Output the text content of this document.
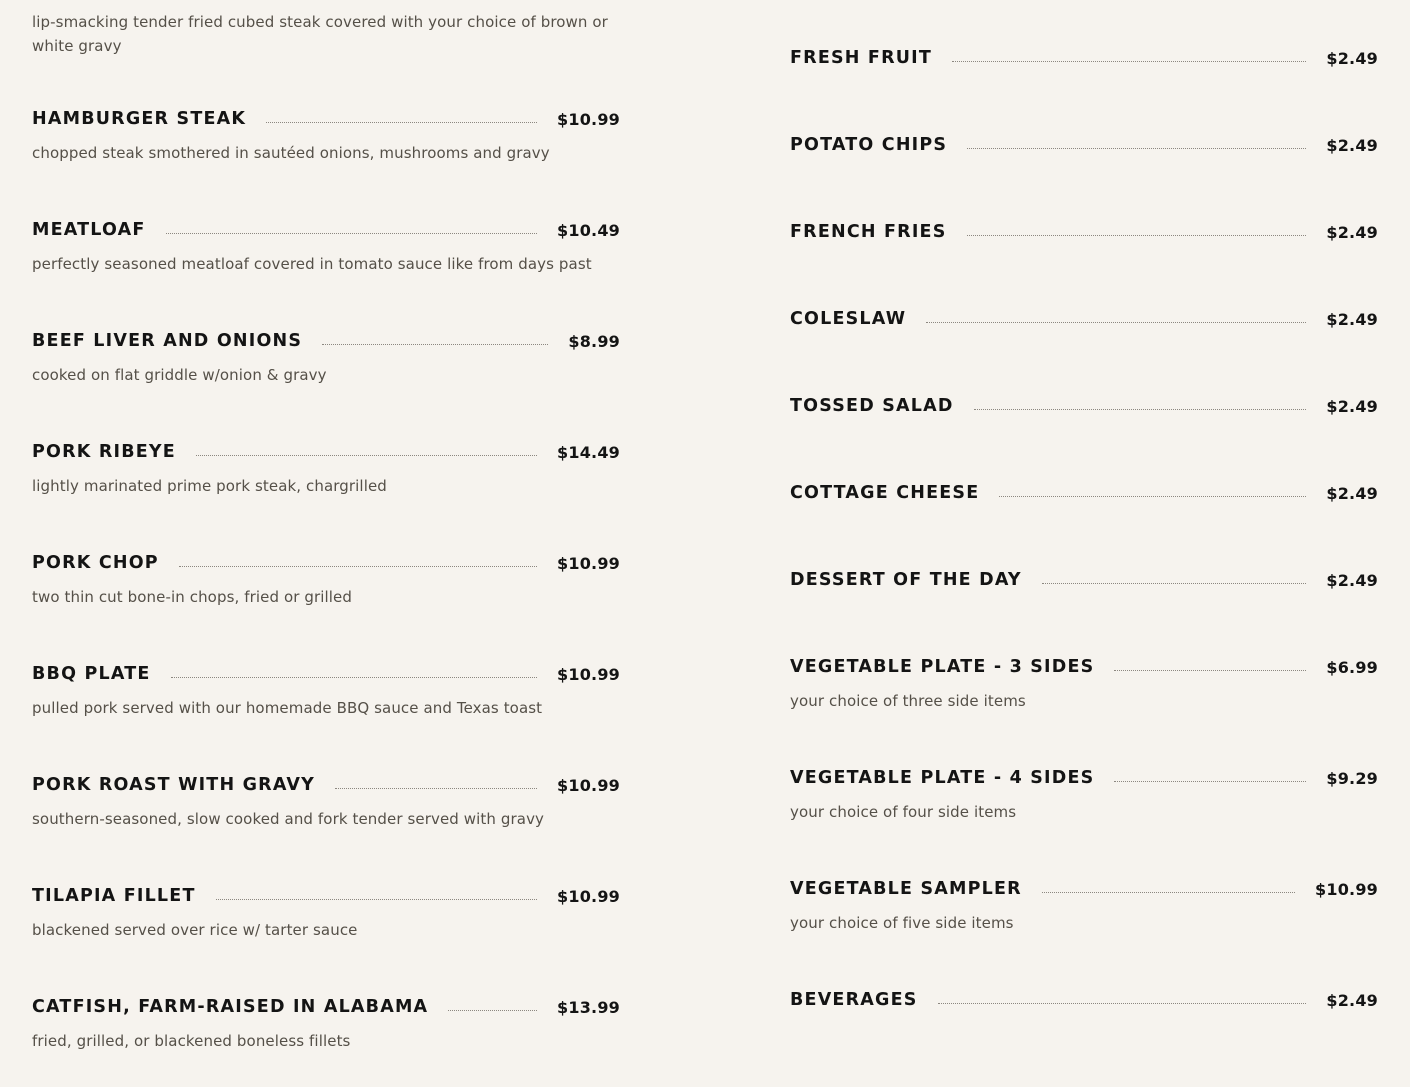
lip-smacking tender fried cubed steak covered with your choice of brown or white gravy
HAMBURGER STEAK	$10.99
chopped steak smothered in sautéed onions, mushrooms and gravy
MEATLOAF	$10.49
perfectly seasoned meatloaf covered in tomato sauce like from days past
BEEF LIVER AND ONIONS	$8.99
cooked on flat griddle w/onion & gravy
PORK RIBEYE	$14.49
lightly marinated prime pork steak, chargrilled
PORK CHOP	$10.99
two thin cut bone-in chops, fried or grilled
BBQ PLATE	$10.99
pulled pork served with our homemade BBQ sauce and Texas toast
PORK ROAST WITH GRAVY	$10.99
southern-seasoned, slow cooked and fork tender served with gravy
TILAPIA FILLET	$10.99
blackened served over rice w/ tarter sauce
CATFISH, FARM-RAISED IN ALABAMA	$13.99
fried, grilled, or blackened boneless fillets
FRESH FRUIT	$2.49
POTATO CHIPS	$2.49
FRENCH FRIES	$2.49
COLESLAW	$2.49
TOSSED SALAD	$2.49
COTTAGE CHEESE	$2.49
DESSERT OF THE DAY	$2.49
VEGETABLE PLATE - 3 SIDES	$6.99
your choice of three side items
VEGETABLE PLATE - 4 SIDES	$9.29
your choice of four side items
VEGETABLE SAMPLER	$10.99
your choice of five side items
BEVERAGES	$2.49
